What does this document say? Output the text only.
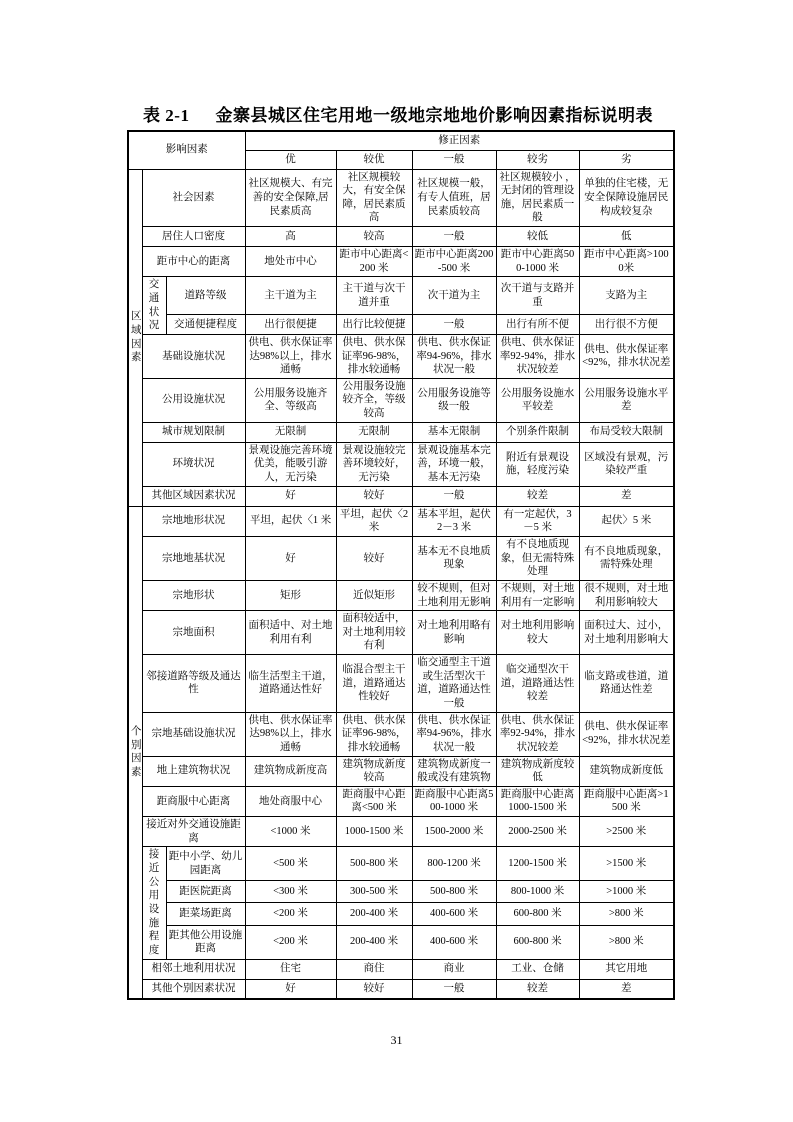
表 2-1 金寨县城区住宅用地一级地宗地地价影响因素指标说明表
影响因素			修正因素				
			优	较优	一般	较劣	劣
区域因素	社会因素		社区规模大、有完善的安全保障,居民素质高	社区规模较大，有安全保障，居民素质高	社区规模一般，有专人值班，居民素质较高	社区规模较小 ，无封闭的管理设施，居民素质一般	单独的住宅楼，无安全保障设施居民构成较复杂
	居住人口密度		高	较高	一般	较低	低
	距市中心的距离		地处市中心	距市中心距离<200 米	距市中心距离200-500 米	距市中心距离500-1000 米	距市中心距离>1000米
	交通状况	道路等级	主干道为主	主干道与次干道并重	次干道为主	次干道与支路并重	支路为主
		交通便捷程度	出行很便捷	出行比较便捷	一般	出行有所不便	出行很不方便
	基础设施状况		供电、供水保证率达98%以上，排水通畅	供电、供水保证率96-98%，排水较通畅	供电、供水保证率94-96%，排水状况一般	供电、供水保证率92-94%，排水状况较差	供电、供水保证率<92%，排水状况差
	公用设施状况		公用服务设施齐全、等级高	公用服务设施较齐全，等级较高	公用服务设施等级一般	公用服务设施水平较差	公用服务设施水平差
	城市规划限制		无限制	无限制	基本无限制	个别条件限制	布局受较大限制
	环境状况		景观设施完善环境优美，能吸引游人，无污染	景观设施较完善环境较好，无污染	景观设施基本完善，环境一般，基本无污染	附近有景观设施，轻度污染	区域没有景观，污染较严重
	其他区域因素状况		好	较好	一般	较差	差
个别因素	宗地地形状况		平坦，起伏〈1 米	平坦，起伏〈2 米	基本平坦，起伏 2－3 米	有一定起伏，3－5 米	起伏〉5 米
	宗地地基状况		好	较好	基本无不良地质现象	有不良地质现象，但无需特殊处理	有不良地质现象，需特殊处理
	宗地形状		矩形	近似矩形	较不规则，但对土地利用无影响	不规则，对土地利用有一定影响	很不规则，对土地利用影响较大
	宗地面积		面积适中、对土地利用有利	面积较适中，对土地利用较有利	对土地利用略有影响	对土地利用影响较大	面积过大、过小，对土地利用影响大
	邻接道路等级及通达性		临生活型主干道，道路通达性好	临混合型主干道，道路通达性较好	临交通型主干道或生活型次干道，道路通达性一般	临交通型次干道，道路通达性较差	临支路或巷道，道路通达性差
	宗地基础设施状况		供电、供水保证率达98%以上，排水通畅	供电、供水保证率96-98%，排水较通畅	供电、供水保证率94-96%，排水状况一般	供电、供水保证率92-94%，排水状况较差	供电、供水保证率<92%，排水状况差
	地上建筑物状况		建筑物成新度高	建筑物成新度较高	建筑物成新度一般或没有建筑物	建筑物成新度较低	建筑物成新度低
	距商服中心距离		地处商服中心	距商服中心距离<500 米	距商服中心距离500-1000 米	距商服中心距离1000-1500 米	距商服中心距离>1500 米
	接近对外交通设施距离		<1000 米	1000-1500 米	1500-2000 米	2000-2500 米	>2500 米
	接近公用设施程度	距中小学、幼儿园距离	<500 米	500-800 米	800-1200 米	1200-1500 米	>1500 米
		距医院距离	<300 米	300-500 米	500-800 米	800-1000 米	>1000 米
		距菜场距离	<200 米	200-400 米	400-600 米	600-800 米	>800 米
		距其他公用设施距离	<200 米	200-400 米	400-600 米	600-800 米	>800 米
	相邻土地利用状况		住宅	商住	商业	工业、仓储	其它用地
	其他个别因素状况		好	较好	一般	较差	差
31
